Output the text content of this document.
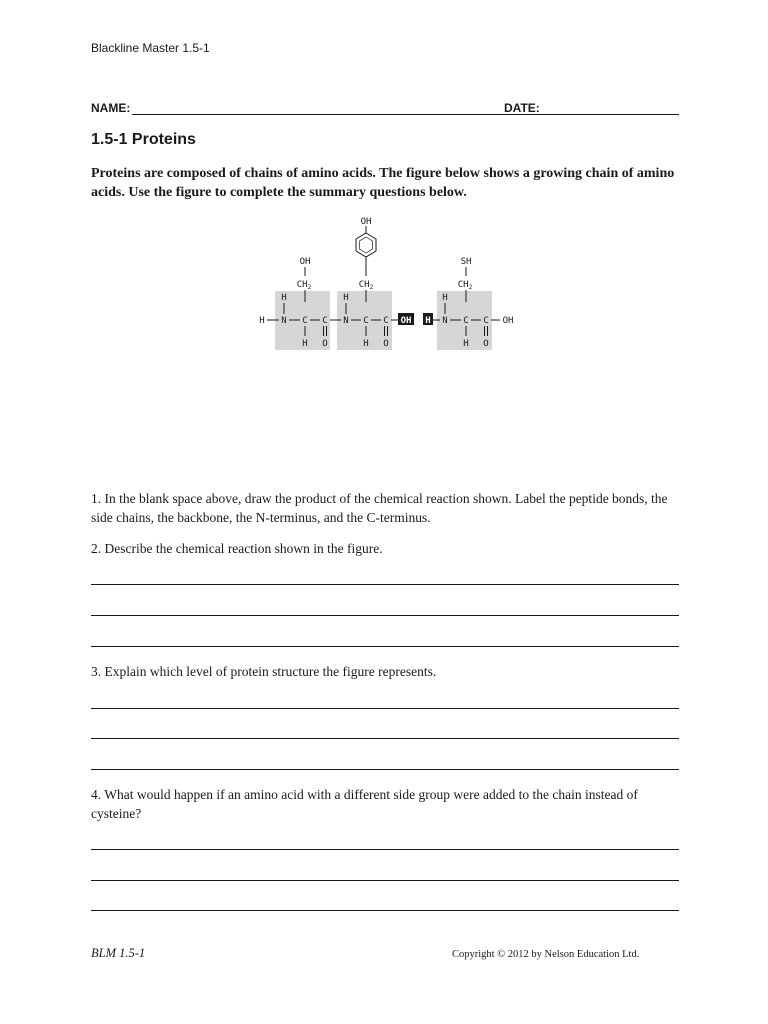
Blackline Master 1.5-1
NAME:	DATE:
1.5-1 Proteins
Proteins are composed of chains of amino acids. The figure below shows a growing chain of amino acids. Use the figure to complete the summary questions below.
OH
$CH_2$
OH
$CH_2$
SH
$CH_2$
H	H	H
H N C C N C C OH H N C C OH
H O	H O	H O
1. In the blank space above, draw the product of the chemical reaction shown. Label the peptide bonds, the side chains, the backbone, the N-terminus, and the C-terminus.
2. Describe the chemical reaction shown in the figure.
3. Explain which level of protein structure the figure represents.
4. What would happen if an amino acid with a different side group were added to the chain instead of cysteine?
BLM 1.5-1	Copyright © 2012 by Nelson Education Ltd.
